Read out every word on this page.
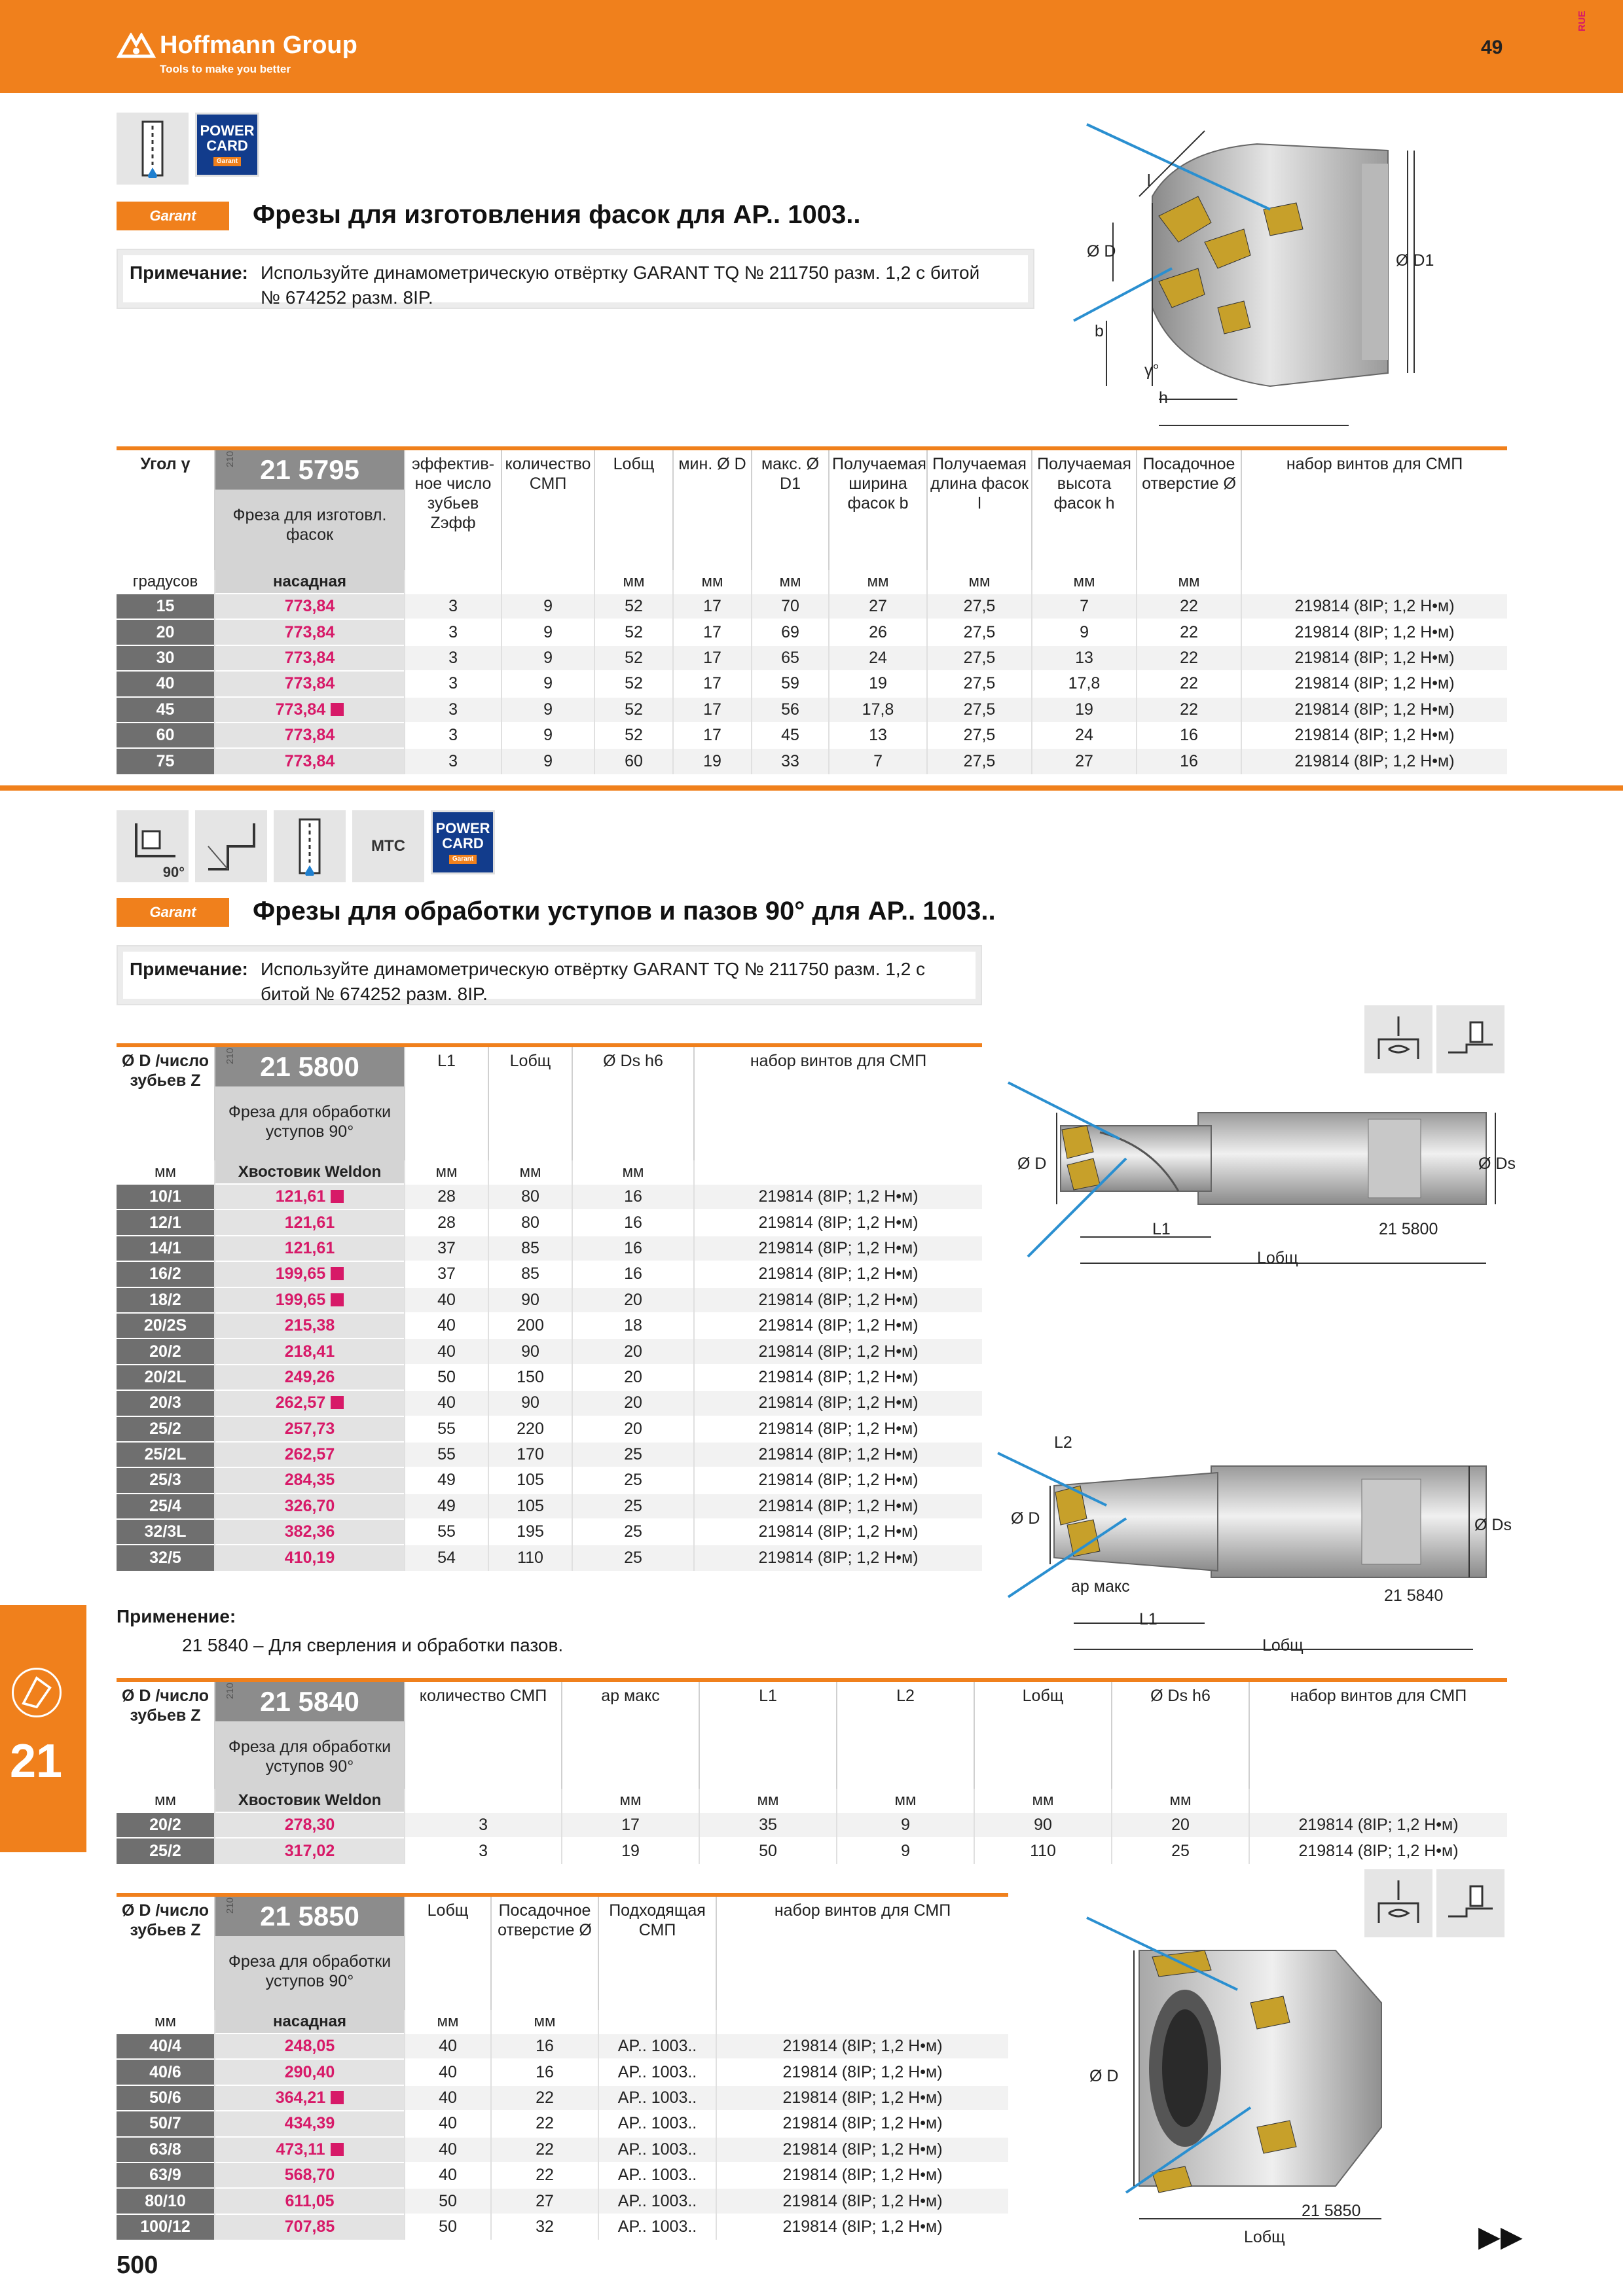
Hoffmann Group
Tools to make you better
49
RUE
POWER
CARD
Garant
Garant	Фрезы для изготовления фасок для AP.. 1003..
Примечание: Используйте динамометрическую отвёртку GARANT TQ № 211750 разм. 1,2 с битой
№ 674252 разм. 8IP.
l
Ø D	Ø D1
b
γ°
h
Угол γ	210 21 5795
Фреза для изготовл. фасок	эффектив-ное число зубьев Zэфф	количество СМП	Lобщ	мин. Ø D	макс. Ø D1	Получаемая ширина фасок b	Получаемая длина фасок l	Получаемая высота фасок h	Посадочное отверстие Ø	набор винтов для СМП
градусов	насадная			мм	мм	мм	мм	мм	мм	мм	
15	773,84	3	9	52	17	70	27	27,5	7	22	219814 (8IP; 1,2 Н•м)
20	773,84	3	9	52	17	69	26	27,5	9	22	219814 (8IP; 1,2 Н•м)
30	773,84	3	9	52	17	65	24	27,5	13	22	219814 (8IP; 1,2 Н•м)
40	773,84	3	9	52	17	59	19	27,5	17,8	22	219814 (8IP; 1,2 Н•м)
45	773,84	3	9	52	17	56	17,8	27,5	19	22	219814 (8IP; 1,2 Н•м)
60	773,84	3	9	52	17	45	13	27,5	24	16	219814 (8IP; 1,2 Н•м)
75	773,84	3	9	60	19	33	7	27,5	27	16	219814 (8IP; 1,2 Н•м)
90°
MTC
POWER
CARD
Garant
Garant	Фрезы для обработки уступов и пазов 90° для AP.. 1003..
Примечание: Используйте динамометрическую отвёртку GARANT TQ № 211750 разм. 1,2 с
битой № 674252 разм. 8IP.
Ø D /число зубьев Z	210 21 5800
Фреза для обработки уступов 90°	L1	Lобщ	Ø Ds h6	набор винтов для СМП
мм	Хвостовик Weldon	мм	мм	мм	
10/1	121,61	28	80	16	219814 (8IP; 1,2 Н•м)
12/1	121,61	28	80	16	219814 (8IP; 1,2 Н•м)
14/1	121,61	37	85	16	219814 (8IP; 1,2 Н•м)
16/2	199,65	37	85	16	219814 (8IP; 1,2 Н•м)
18/2	199,65	40	90	20	219814 (8IP; 1,2 Н•м)
20/2S	215,38	40	200	18	219814 (8IP; 1,2 Н•м)
20/2	218,41	40	90	20	219814 (8IP; 1,2 Н•м)
20/2L	249,26	50	150	20	219814 (8IP; 1,2 Н•м)
20/3	262,57	40	90	20	219814 (8IP; 1,2 Н•м)
25/2	257,73	55	220	20	219814 (8IP; 1,2 Н•м)
25/2L	262,57	55	170	25	219814 (8IP; 1,2 Н•м)
25/3	284,35	49	105	25	219814 (8IP; 1,2 Н•м)
25/4	326,70	49	105	25	219814 (8IP; 1,2 Н•м)
32/3L	382,36	55	195	25	219814 (8IP; 1,2 Н•м)
32/5	410,19	54	110	25	219814 (8IP; 1,2 Н•м)
Ø D	Ø Ds
L1	21 5800
Lобщ
L2
Ø D	Ø Ds
ap макс	21 5840
L1
Lобщ
Применение:
21 5840 – Для сверления и обработки пазов.
Ø D /число зубьев Z	210 21 5840
Фреза для обработки уступов 90°	количество СМП	ap макс	L1	L2	Lобщ	Ø Ds h6	набор винтов для СМП
мм	Хвостовик Weldon		мм	мм	мм	мм	мм	
20/2	278,30	3	17	35	9	90	20	219814 (8IP; 1,2 Н•м)
25/2	317,02	3	19	50	9	110	25	219814 (8IP; 1,2 Н•м)
Ø D /число зубьев Z	210 21 5850
Фреза для обработки уступов 90°	Lобщ	Посадочное отверстие Ø	Подходящая СМП	набор винтов для СМП
мм	насадная	мм	мм		
40/4	248,05	40	16	AP.. 1003..	219814 (8IP; 1,2 Н•м)
40/6	290,40	40	16	AP.. 1003..	219814 (8IP; 1,2 Н•м)
50/6	364,21	40	22	AP.. 1003..	219814 (8IP; 1,2 Н•м)
50/7	434,39	40	22	AP.. 1003..	219814 (8IP; 1,2 Н•м)
63/8	473,11	40	22	AP.. 1003..	219814 (8IP; 1,2 Н•м)
63/9	568,70	40	22	AP.. 1003..	219814 (8IP; 1,2 Н•м)
80/10	611,05	50	27	AP.. 1003..	219814 (8IP; 1,2 Н•м)
100/12	707,85	50	32	AP.. 1003..	219814 (8IP; 1,2 Н•м)
Ø D
21 5850
Lобщ
21
500
▶▶
